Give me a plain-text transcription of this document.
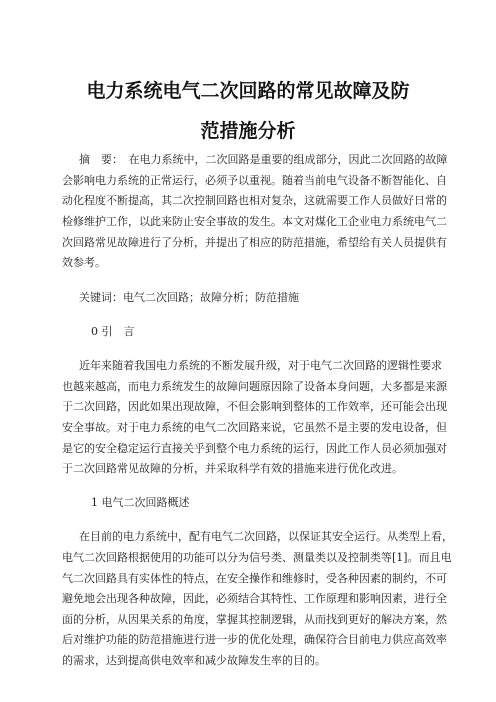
电力系统电气二次回路的常见故障及防
范措施分析
摘　要：　在电力系统中，二次回路是重要的组成部分，因此二次回路的故障
会影响电力系统的正常运行，必须予以重视。随着当前电气设备不断智能化、自
动化程度不断提高，其二次控制回路也相对复杂，这就需要工作人员做好日常的
检修维护工作，以此来防止安全事故的发生。本文对煤化工企业电力系统电气二
次回路常见故障进行了分析，并提出了相应的防范措施，希望给有关人员提供有
效参考。
关键词：电气二次回路；故障分析；防范措施
0 引　言
近年来随着我国电力系统的不断发展升级，对于电气二次回路的逻辑性要求
也越来越高，而电力系统发生的故障问题原因除了设备本身问题，大多都是来源
于二次回路，因此如果出现故障，不但会影响到整体的工作效率，还可能会出现
安全事故。对于电力系统的电气二次回路来说，它虽然不是主要的发电设备，但
是它的安全稳定运行直接关乎到整个电力系统的运行，因此工作人员必须加强对
于二次回路常见故障的分析，并采取科学有效的措施来进行优化改进。
1 电气二次回路概述
在目前的电力系统中，配有电气二次回路，以保证其安全运行。从类型上看，
电气二次回路根据使用的功能可以分为信号类、测量类以及控制类等[1]。而且电
气二次回路具有实体性的特点，在安全操作和维修时，受各种因素的制约，不可
避免地会出现各种故障，因此，必须结合其特性、工作原理和影响因素，进行全
面的分析，从因果关系的角度，掌握其控制逻辑，从而找到更好的解决方案，然
后对维护功能的防范措施进行进一步的优化处理，确保符合目前电力供应高效率
的需求，达到提高供电效率和减少故障发生率的目的。
